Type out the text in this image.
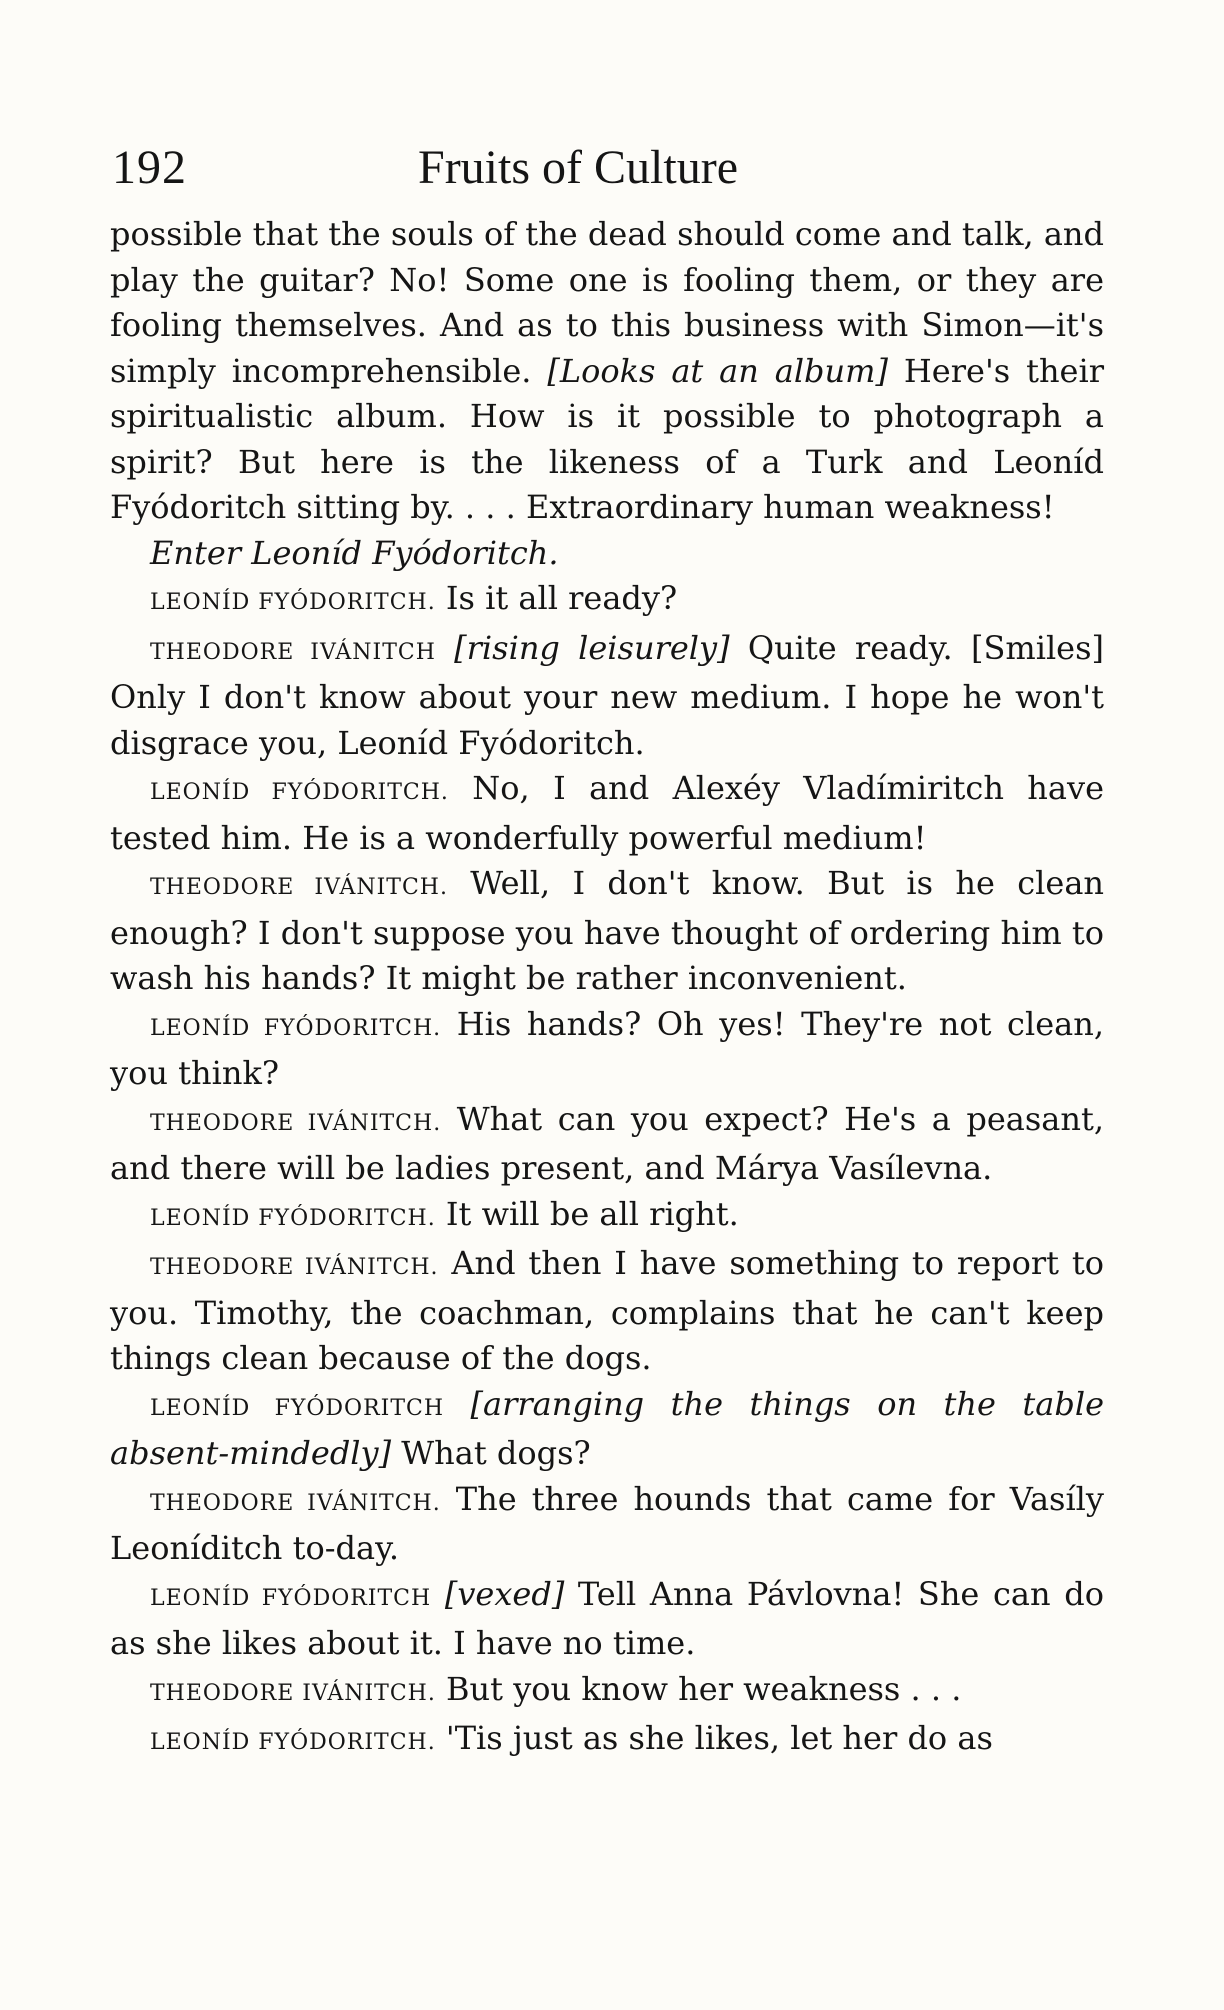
192	Fruits of Culture

possible that the souls of the dead should come and talk, and play the guitar? No! Some one is fooling them, or they are fooling themselves. And as to this business with Simon—it's simply incomprehensible. [Looks at an album] Here's their spiritualistic album. How is it possible to photograph a spirit? But here is the likeness of a Turk and Leoníd Fyódoritch sitting by. . . . Extraordinary human weakness!

Enter Leoníd Fyódoritch.

LEONÍD FYÓDORITCH. Is it all ready?

THEODORE IVÁNITCH [rising leisurely] Quite ready. [Smiles] Only I don't know about your new medium. I hope he won't disgrace you, Leoníd Fyódoritch.

LEONÍD FYÓDORITCH. No, I and Alexéy Vladímiritch have tested him. He is a wonderfully powerful medium!

THEODORE IVÁNITCH. Well, I don't know. But is he clean enough? I don't suppose you have thought of ordering him to wash his hands? It might be rather inconvenient.

LEONÍD FYÓDORITCH. His hands? Oh yes! They're not clean, you think?

THEODORE IVÁNITCH. What can you expect? He's a peasant, and there will be ladies present, and Márya Vasílevna.

LEONÍD FYÓDORITCH. It will be all right.

THEODORE IVÁNITCH. And then I have something to report to you. Timothy, the coachman, complains that he can't keep things clean because of the dogs.

LEONÍD FYÓDORITCH [arranging the things on the table absent-mindedly] What dogs?

THEODORE IVÁNITCH. The three hounds that came for Vasíly Leoníditch to-day.

LEONÍD FYÓDORITCH [vexed] Tell Anna Pávlovna! She can do as she likes about it. I have no time.

THEODORE IVÁNITCH. But you know her weakness . . .

LEONÍD FYÓDORITCH. 'Tis just as she likes, let her do as
